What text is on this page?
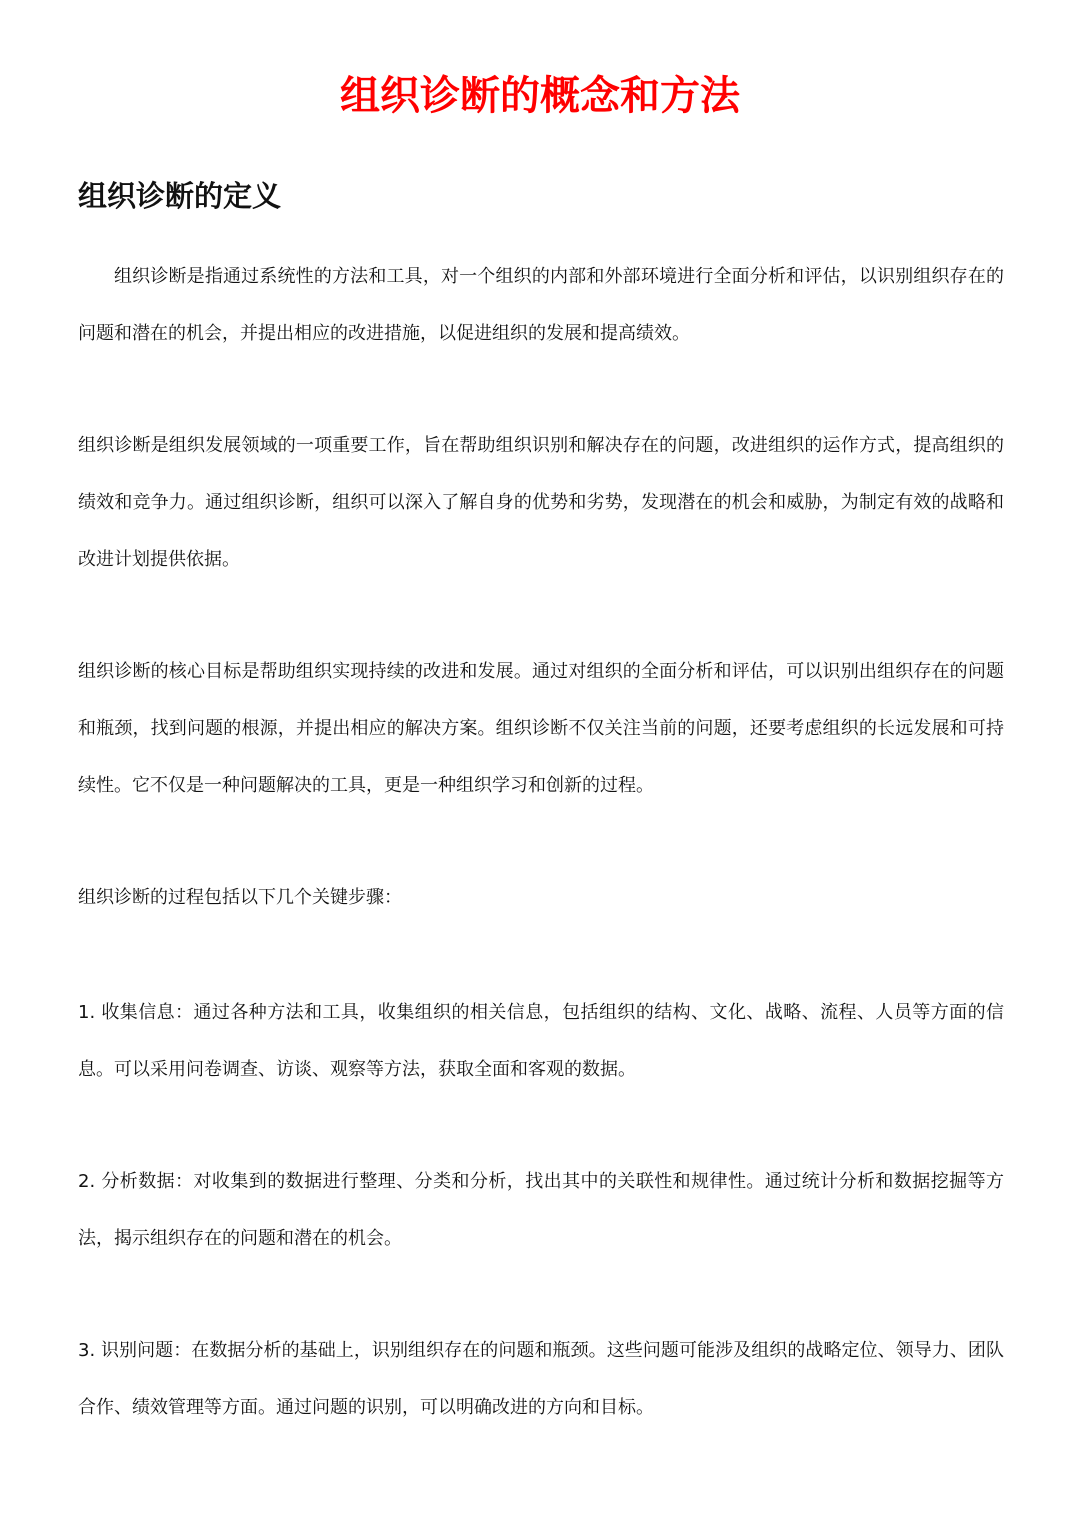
组织诊断的概念和方法
组织诊断的定义

组织诊断是指通过系统性的方法和工具，对一个组织的内部和外部环境进行全面分析和评估，以识别组织存在的问题和潜在的机会，并提出相应的改进措施，以促进组织的发展和提高绩效。

组织诊断是组织发展领域的一项重要工作，旨在帮助组织识别和解决存在的问题，改进组织的运作方式，提高组织的绩效和竞争力。通过组织诊断，组织可以深入了解自身的优势和劣势，发现潜在的机会和威胁，为制定有效的战略和改进计划提供依据。

组织诊断的核心目标是帮助组织实现持续的改进和发展。通过对组织的全面分析和评估，可以识别出组织存在的问题和瓶颈，找到问题的根源，并提出相应的解决方案。组织诊断不仅关注当前的问题，还要考虑组织的长远发展和可持续性。它不仅是一种问题解决的工具，更是一种组织学习和创新的过程。

组织诊断的过程包括以下几个关键步骤：

1. 收集信息：通过各种方法和工具，收集组织的相关信息，包括组织的结构、文化、战略、流程、人员等方面的信息。可以采用问卷调查、访谈、观察等方法，获取全面和客观的数据。

2. 分析数据：对收集到的数据进行整理、分类和分析，找出其中的关联性和规律性。通过统计分析和数据挖掘等方法，揭示组织存在的问题和潜在的机会。

3. 识别问题：在数据分析的基础上，识别组织存在的问题和瓶颈。这些问题可能涉及组织的战略定位、领导力、团队合作、绩效管理等方面。通过问题的识别，可以明确改进的方向和目标。
